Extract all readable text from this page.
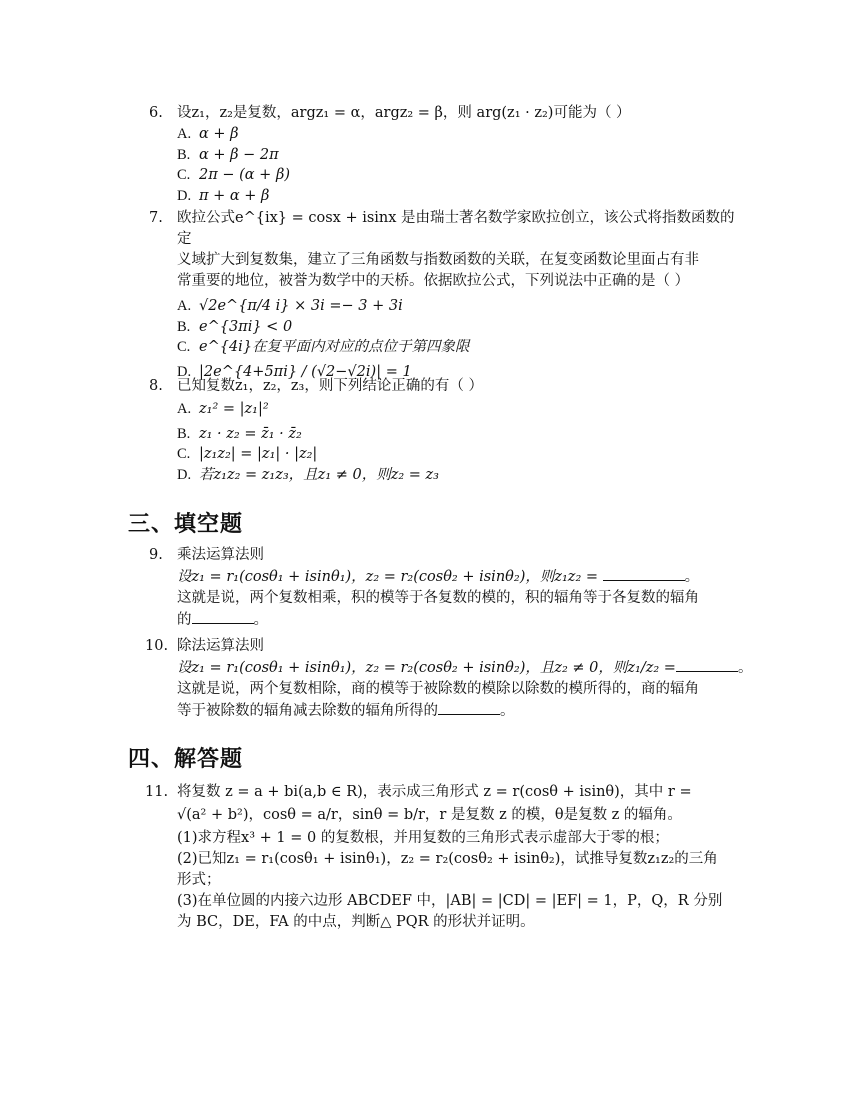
6. 设z₁，z₂是复数，argz₁ = α，argz₂ = β，则 arg(z₁ · z₂)可能为（ ）
A. α + β
B. α + β − 2π
C. 2π − (α + β)
D. π + α + β
7. 欧拉公式e^{ix} = cosx + isinx 是由瑞士著名数学家欧拉创立，该公式将指数函数的定
义域扩大到复数集，建立了三角函数与指数函数的关联，在复变函数论里面占有非
常重要的地位，被誉为数学中的天桥。依据欧拉公式，下列说法中正确的是（ ）
A. √2e^{π/4 i} × 3i =− 3 + 3i
B. e^{3πi} < 0
C. e^{4i}在复平面内对应的点位于第四象限
D. |2e^{4+5πi} / (√2−√2i)| = 1
8. 已知复数z₁，z₂，z₃，则下列结论正确的有（ ）
A. z₁² = |z₁|²
B. z₁ · z₂ = z̄₁ · z̄₂
C. |z₁z₂| = |z₁| · |z₂|
D. 若z₁z₂ = z₁z₃，且z₁ ≠ 0，则z₂ = z₃
三、填空题
9. 乘法运算法则
设z₁ = r₁(cosθ₁ + isinθ₁)，z₂ = r₂(cosθ₂ + isinθ₂)，则z₁z₂ =	。
这就是说，两个复数相乘，积的模等于各复数的模的，积的辐角等于各复数的辐角
的	。
10. 除法运算法则
设z₁ = r₁(cosθ₁ + isinθ₁)，z₂ = r₂(cosθ₂ + isinθ₂)，且z₂ ≠ 0，则z₁/z₂ =	。
这就是说，两个复数相除，商的模等于被除数的模除以除数的模所得的，商的辐角
等于被除数的辐角减去除数的辐角所得的	。
四、解答题
11. 将复数 z = a + bi(a,b ∈ R)，表示成三角形式 z = r(cosθ + isinθ)，其中 r =
√(a² + b²)，cosθ = a/r，sinθ = b/r，r 是复数 z 的模，θ是复数 z 的辐角。
(1)求方程x³ + 1 = 0 的复数根，并用复数的三角形式表示虚部大于零的根；
(2)已知z₁ = r₁(cosθ₁ + isinθ₁)，z₂ = r₂(cosθ₂ + isinθ₂)，试推导复数z₁z₂的三角
形式；
(3)在单位圆的内接六边形 ABCDEF 中，|AB| = |CD| = |EF| = 1，P，Q，R 分别
为 BC，DE，FA 的中点，判断△ PQR 的形状并证明。
